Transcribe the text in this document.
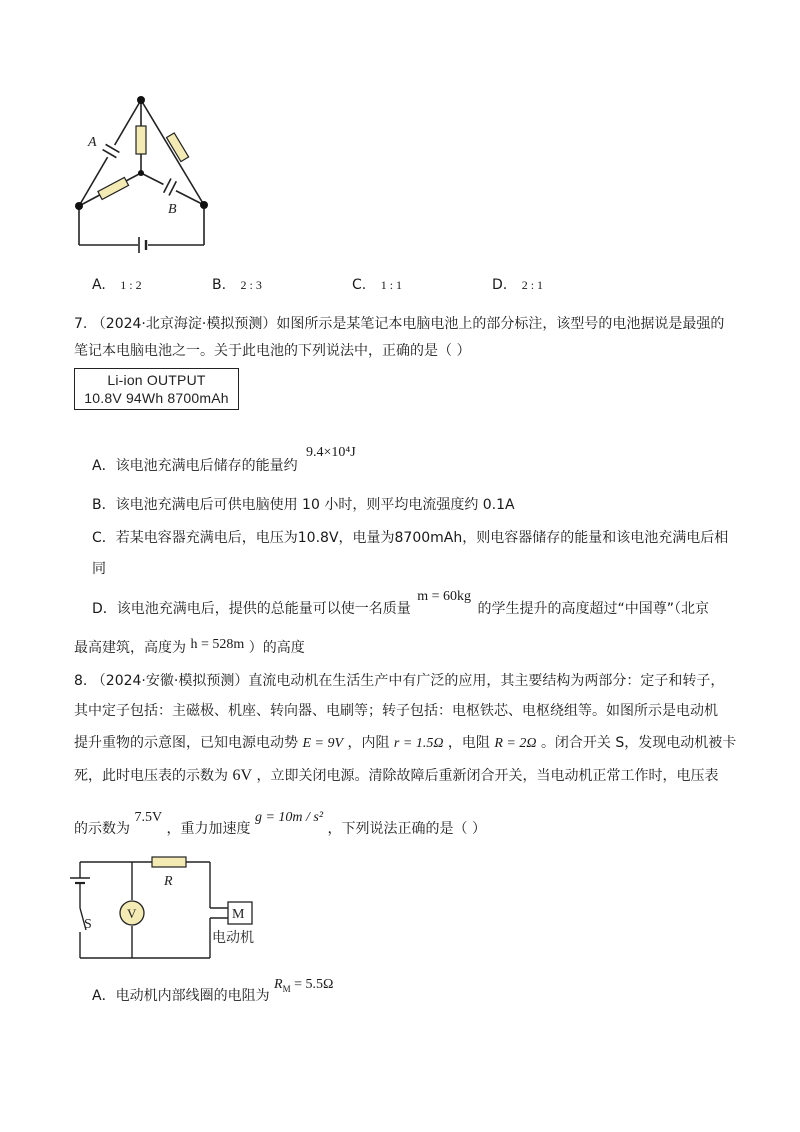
A
B
A. 1 : 2	B. 2 : 3	C. 1 : 1	D. 2 : 1
7. （2024·北京海淀·模拟预测）如图所示是某笔记本电脑电池上的部分标注，该型号的电池据说是最强的
笔记本电脑电池之一。关于此电池的下列说法中，正确的是（ ）
Li-ion OUTPUT
10.8V 94Wh 8700mAh
A．该电池充满电后储存的能量约 9.4×10⁴J
B．该电池充满电后可供电脑使用 10 小时，则平均电流强度约 0.1A
C．若某电容器充满电后，电压为10.8V，电量为8700mAh，则电容器储存的能量和该电池充满电后相
同
D．该电池充满电后，提供的总能量可以使一名质量 m = 60kg 的学生提升的高度超过“中国尊”（北京
最高建筑，高度为 h = 528m ）的高度
8. （2024·安徽·模拟预测）直流电动机在生活生产中有广泛的应用，其主要结构为两部分：定子和转子，
其中定子包括：主磁极、机座、转向器、电刷等；转子包括：电枢铁芯、电枢绕组等。如图所示是电动机
提升重物的示意图，已知电源电动势 E = 9V ，内阻 r = 1.5Ω ，电阻 R = 2Ω 。闭合开关 S，发现电动机被卡
死，此时电压表的示数为 6V ，立即关闭电源。清除故障后重新闭合开关，当电动机正常工作时，电压表
的示数为 7.5V ，重力加速度 g = 10m / s² ，下列说法正确的是（ ）
V	M
电动机
R
S
A．电动机内部线圈的电阻为 $R^M = 5.5\Omega$
